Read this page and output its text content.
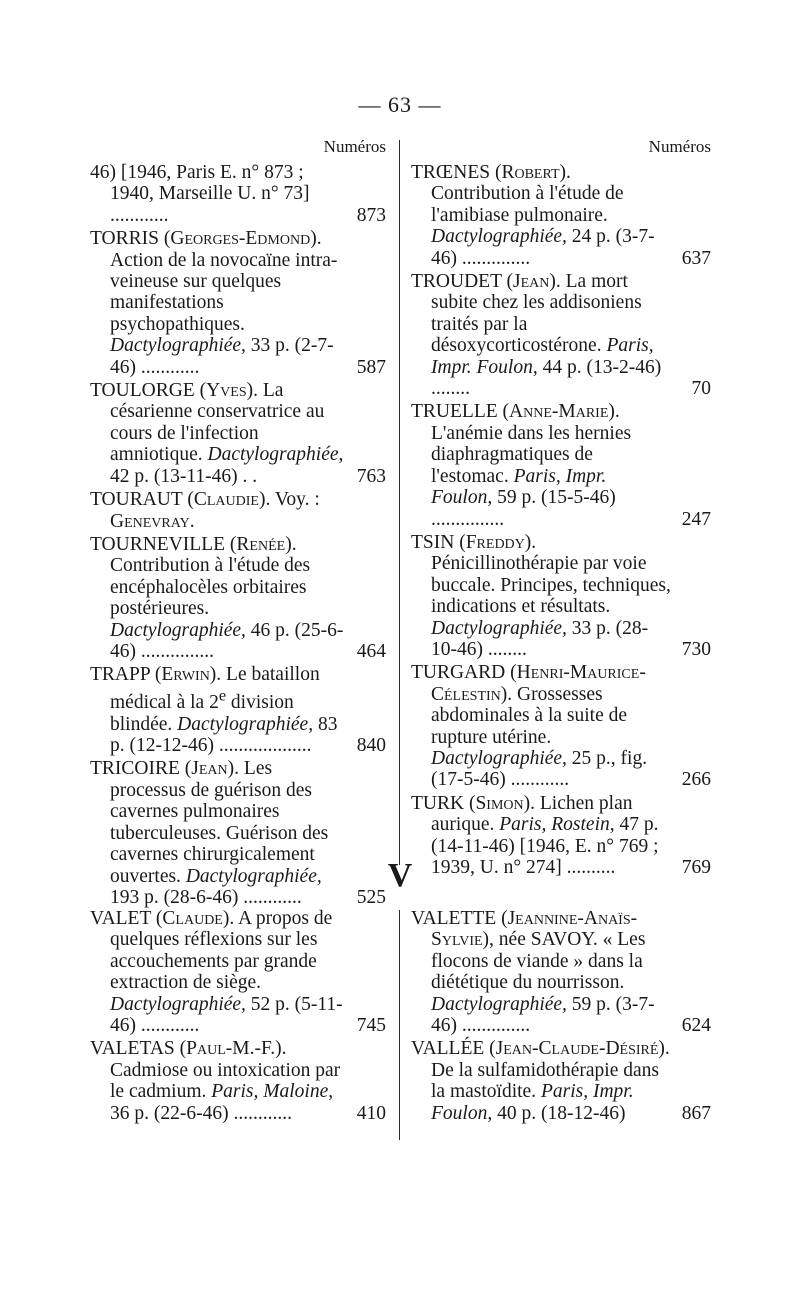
— 63 —
Numéros
46) [1946, Paris E. n° 873 ; 1940, Marseille U. n° 73] ............	873
TORRIS (Georges-Edmond). Action de la novocaïne intra-veineuse sur quelques manifestations psychopathiques. Dactylographiée, 33 p. (2-7-46) ............	587
TOULORGE (Yves). La césarienne conservatrice au cours de l'infection amniotique. Dactylographiée, 42 p. (13-11-46) . .	763
TOURAUT (Claudie). Voy. : Genevray.
TOURNEVILLE (Renée). Contribution à l'étude des encéphalocèles orbitaires postérieures. Dactylographiée, 46 p. (25-6-46) ...............	464
TRAPP (Erwin). Le bataillon médical à la 2e division blindée. Dactylographiée, 83 p. (12-12-46) ................... 840
TRICOIRE (Jean). Les processus de guérison des cavernes pulmonaires tuberculeuses. Guérison des cavernes chirurgicalement ouvertes. Dactylographiée, 193 p. (28-6-46) ............	525
Numéros
TRŒNES (Robert). Contribution à l'étude de l'amibiase pulmonaire. Dactylographiée, 24 p. (3-7-46) ..............	637
TROUDET (Jean). La mort subite chez les addisoniens traités par la désoxycorticostérone. Paris, Impr. Foulon, 44 p. (13-2-46) ........	70
TRUELLE (Anne-Marie). L'anémie dans les hernies diaphragmatiques de l'estomac. Paris, Impr. Foulon, 59 p. (15-5-46) ...............	247
TSIN (Freddy). Pénicillinothérapie par voie buccale. Principes, techniques, indications et résultats. Dactylographiée, 33 p. (28-10-46) ........	730
TURGARD (Henri-Maurice-Célestin). Grossesses abdominales à la suite de rupture utérine. Dactylographiée, 25 p., fig. (17-5-46) ............	266
TURK (Simon). Lichen plan aurique. Paris, Rostein, 47 p. (14-11-46) [1946, E. n° 769 ; 1939, U. n° 274] ..........	769
V
VALET (Claude). A propos de quelques réflexions sur les accouchements par grande extraction de siège. Dactylographiée, 52 p. (5-11-46) ............	745
VALETAS (Paul-M.-F.). Cadmiose ou intoxication par le cadmium. Paris, Maloine, 36 p. (22-6-46) ............	410
VALETTE (Jeannine-Anaïs-Sylvie), née SAVOY. « Les flocons de viande » dans la diététique du nourrisson. Dactylographiée, 59 p. (3-7-46) ..............	624
VALLÉE (Jean-Claude-Désiré). De la sulfamidothérapie dans la mastoïdite. Paris, Impr. Foulon, 40 p. (18-12-46)	867
